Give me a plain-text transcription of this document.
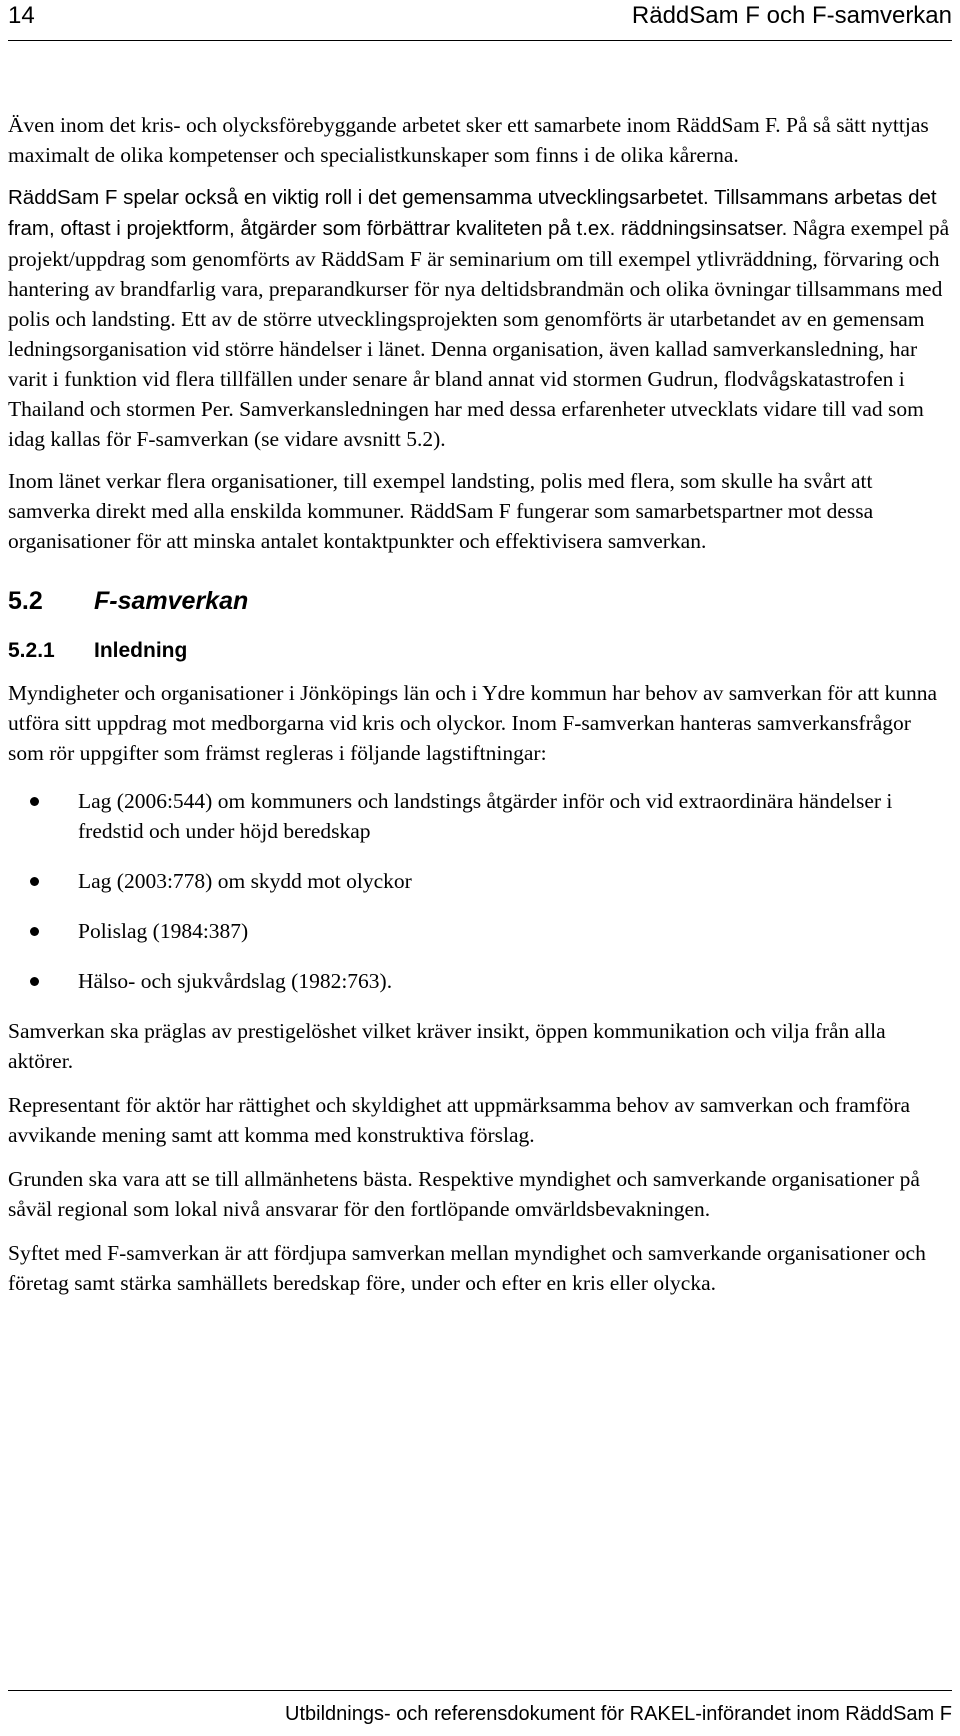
14	RäddSam F och F-samverkan

Även inom det kris- och olycksförebyggande arbetet sker ett samarbete inom RäddSam F. På så sätt nyttjas maximalt de olika kompetenser och specialistkunskaper som finns i de olika kårerna.

RäddSam F spelar också en viktig roll i det gemensamma utvecklingsarbetet. Tillsammans arbetas det fram, oftast i projektform, åtgärder som förbättrar kvaliteten på t.ex. räddningsinsatser. Några exempel på projekt/uppdrag som genomförts av RäddSam F är seminarium om till exempel ytlivräddning, förvaring och hantering av brandfarlig vara, preparandkurser för nya deltidsbrandmän och olika övningar tillsammans med polis och landsting. Ett av de större utvecklingsprojekten som genomförts är utarbetandet av en gemensam ledningsorganisation vid större händelser i länet. Denna organisation, även kallad samverkansledning, har varit i funktion vid flera tillfällen under senare år bland annat vid stormen Gudrun, flodvågskatastrofen i Thailand och stormen Per. Samverkansledningen har med dessa erfarenheter utvecklats vidare till vad som idag kallas för F-samverkan (se vidare avsnitt 5.2).

Inom länet verkar flera organisationer, till exempel landsting, polis med flera, som skulle ha svårt att samverka direkt med alla enskilda kommuner. RäddSam F fungerar som samarbetspartner mot dessa organisationer för att minska antalet kontaktpunkter och effektivisera samverkan.

5.2 F-samverkan
5.2.1 Inledning

Myndigheter och organisationer i Jönköpings län och i Ydre kommun har behov av samverkan för att kunna utföra sitt uppdrag mot medborgarna vid kris och olyckor. Inom F-samverkan hanteras samverkansfrågor som rör uppgifter som främst regleras i följande lagstiftningar:

Lag (2006:544) om kommuners och landstings åtgärder inför och vid extraordinära händelser i fredstid och under höjd beredskap
Lag (2003:778) om skydd mot olyckor
Polislag (1984:387)
Hälso- och sjukvårdslag (1982:763).

Samverkan ska präglas av prestigelöshet vilket kräver insikt, öppen kommunikation och vilja från alla aktörer.

Representant för aktör har rättighet och skyldighet att uppmärksamma behov av samverkan och framföra avvikande mening samt att komma med konstruktiva förslag.

Grunden ska vara att se till allmänhetens bästa. Respektive myndighet och samverkande organisationer på såväl regional som lokal nivå ansvarar för den fortlöpande omvärldsbevakningen.

Syftet med F-samverkan är att fördjupa samverkan mellan myndighet och samverkande organisationer och företag samt stärka samhällets beredskap före, under och efter en kris eller olycka.

Utbildnings- och referensdokument för RAKEL-införandet inom RäddSam F
